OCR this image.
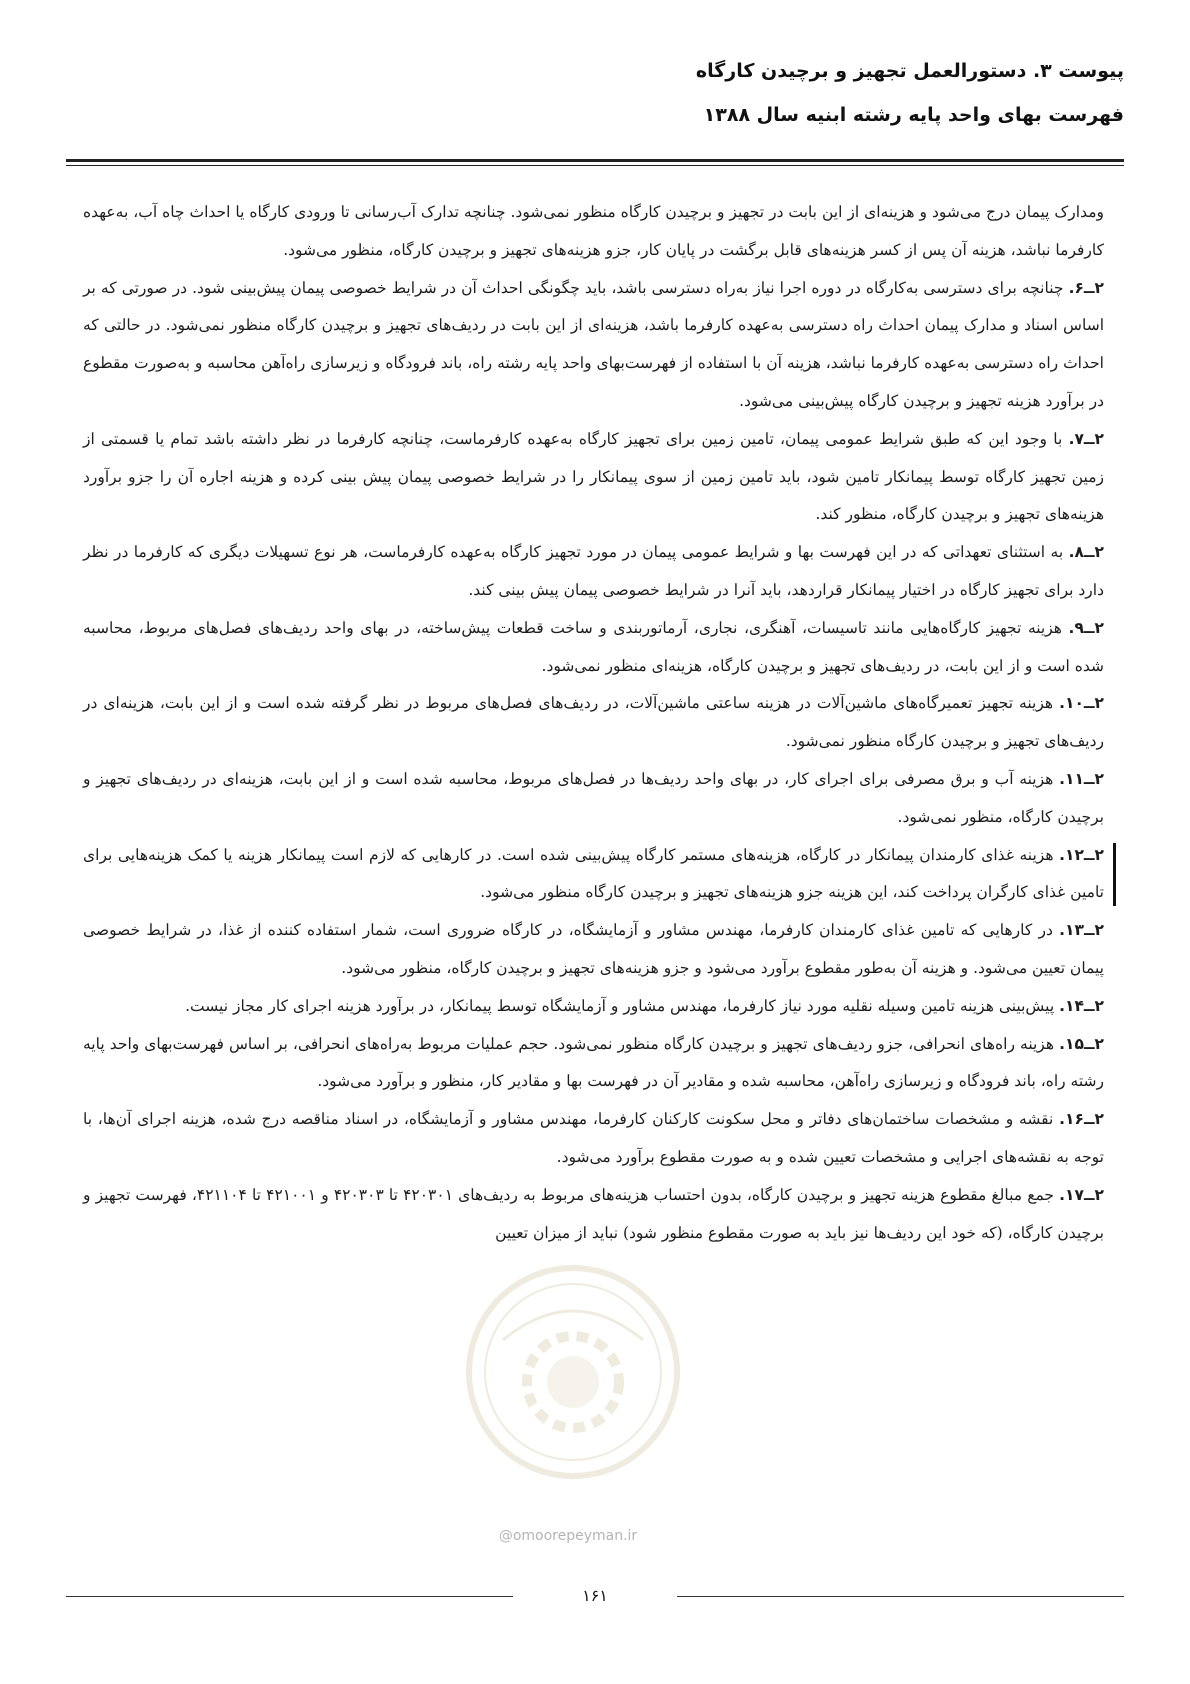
پیوست ۳. دستورالعمل تجهیز و برچیدن کارگاه
فهرست بهای واحد پایه رشته ابنیه سال ۱۳۸۸

ومدارک پیمان درج می‌شود و هزینه‌ای از این بابت در تجهیز و برچیدن کارگاه منظور نمی‌شود. چنانچه تدارک آب‌رسانی تا ورودی کارگاه یا احداث چاه آب، به‌عهده کارفرما نباشد، هزینه آن پس از کسر هزینه‌های قابل برگشت در پایان کار، جزو هزینه‌های تجهیز و برچیدن کارگاه، منظور می‌شود.

۲ــ۶. چنانچه برای دسترسی به‌کارگاه در دوره اجرا نیاز به‌راه دسترسی باشد، باید چگونگی احداث آن در شرایط خصوصی پیمان پیش‌بینی شود. در صورتی که بر اساس اسناد و مدارک پیمان احداث راه دسترسی به‌عهده کارفرما باشد، هزینه‌ای از این بابت در ردیف‌های تجهیز و برچیدن کارگاه منظور نمی‌شود. در حالتی که احداث راه دسترسی به‌عهده کارفرما نباشد، هزینه آن با استفاده از فهرست‌بهای واحد پایه رشته راه، باند فرودگاه و زیرسازی راه‌آهن محاسبه و به‌صورت مقطوع در برآورد هزینه تجهیز و برچیدن کارگاه پیش‌بینی می‌شود.

۲ــ۷. با وجود این که طبق شرایط عمومی پیمان، تامین زمین برای تجهیز کارگاه به‌عهده کارفرماست، چنانچه کارفرما در نظر داشته باشد تمام یا قسمتی از زمین تجهیز کارگاه توسط پیمانکار تامین شود، باید تامین زمین از سوی پیمانکار را در شرایط خصوصی پیمان پیش بینی کرده و هزینه اجاره آن را جزو برآورد هزینه‌های تجهیز و برچیدن کارگاه، منظور کند.

۲ــ۸. به استثنای تعهداتی که در این فهرست بها و شرایط عمومی پیمان در مورد تجهیز کارگاه به‌عهده کارفرماست، هر نوع تسهیلات دیگری که کارفرما در نظر دارد برای تجهیز کارگاه در اختیار پیمانکار قراردهد، باید آنرا در شرایط خصوصی پیمان پیش بینی کند.

۲ــ۹. هزینه تجهیز کارگاه‌هایی مانند تاسیسات، آهنگری، نجاری، آرماتوربندی و ساخت قطعات پیش‌ساخته، در بهای واحد ردیف‌های فصل‌های مربوط، محاسبه شده است و از این بابت، در ردیف‌های تجهیز و برچیدن کارگاه، هزینه‌ای منظور نمی‌شود.

۲ــ۱۰. هزینه تجهیز تعمیرگاه‌های ماشین‌آلات در هزینه ساعتی ماشین‌آلات، در ردیف‌های فصل‌های مربوط در نظر گرفته شده است و از این بابت، هزینه‌ای در ردیف‌های تجهیز و برچیدن کارگاه منظور نمی‌شود.

۲ــ۱۱. هزینه آب و برق مصرفی برای اجرای کار، در بهای واحد ردیف‌ها در فصل‌های مربوط، محاسبه شده است و از این بابت، هزینه‌ای در ردیف‌های تجهیز و برچیدن کارگاه، منظور نمی‌شود.

۲ــ۱۲. هزینه غذای کارمندان پیمانکار در کارگاه، هزینه‌های مستمر کارگاه پیش‌بینی شده است. در کارهایی که لازم است پیمانکار هزینه یا کمک هزینه‌هایی برای تامین غذای کارگران پرداخت کند، این هزینه جزو هزینه‌های تجهیز و برچیدن کارگاه منظور می‌شود.

۲ــ۱۳. در کارهایی که تامین غذای کارمندان کارفرما، مهندس مشاور و آزمایشگاه، در کارگاه ضروری است، شمار استفاده کننده از غذا، در شرایط خصوصی پیمان تعیین می‌شود. و هزینه آن به‌طور مقطوع برآورد می‌شود و جزو هزینه‌های تجهیز و برچیدن کارگاه، منظور می‌شود.

۲ــ۱۴. پیش‌بینی هزینه تامین وسیله نقلیه مورد نیاز کارفرما، مهندس مشاور و آزمایشگاه توسط پیمانکار، در برآورد هزینه اجرای کار مجاز نیست.

۲ــ۱۵. هزینه راه‌های انحرافی، جزو ردیف‌های تجهیز و برچیدن کارگاه منظور نمی‌شود. حجم عملیات مربوط به‌راه‌های انحرافی، بر اساس فهرست‌بهای واحد پایه رشته راه، باند فرودگاه و زیرسازی راه‌آهن، محاسبه شده و مقادیر آن در فهرست بها و مقادیر کار، منظور و برآورد می‌شود.

۲ــ۱۶. نقشه و مشخصات ساختمان‌های دفاتر و محل سکونت کارکنان کارفرما، مهندس مشاور و آزمایشگاه، در اسناد مناقصه درج شده، هزینه اجرای آن‌ها، با توجه به نقشه‌های اجرایی و مشخصات تعیین شده و به صورت مقطوع برآورد می‌شود.

۲ــ۱۷. جمع مبالغ مقطوع هزینه تجهیز و برچیدن کارگاه، بدون احتساب هزینه‌های مربوط به ردیف‌های ۴۲۰۳۰۱ تا ۴۲۰۳۰۳ و ۴۲۱۰۰۱ تا ۴۲۱۱۰۴، فهرست تجهیز و برچیدن کارگاه، (که خود این ردیف‌ها نیز باید به صورت مقطوع منظور شود) نباید از میزان تعیین

@omoorepeyman.ir
۱۶۱
